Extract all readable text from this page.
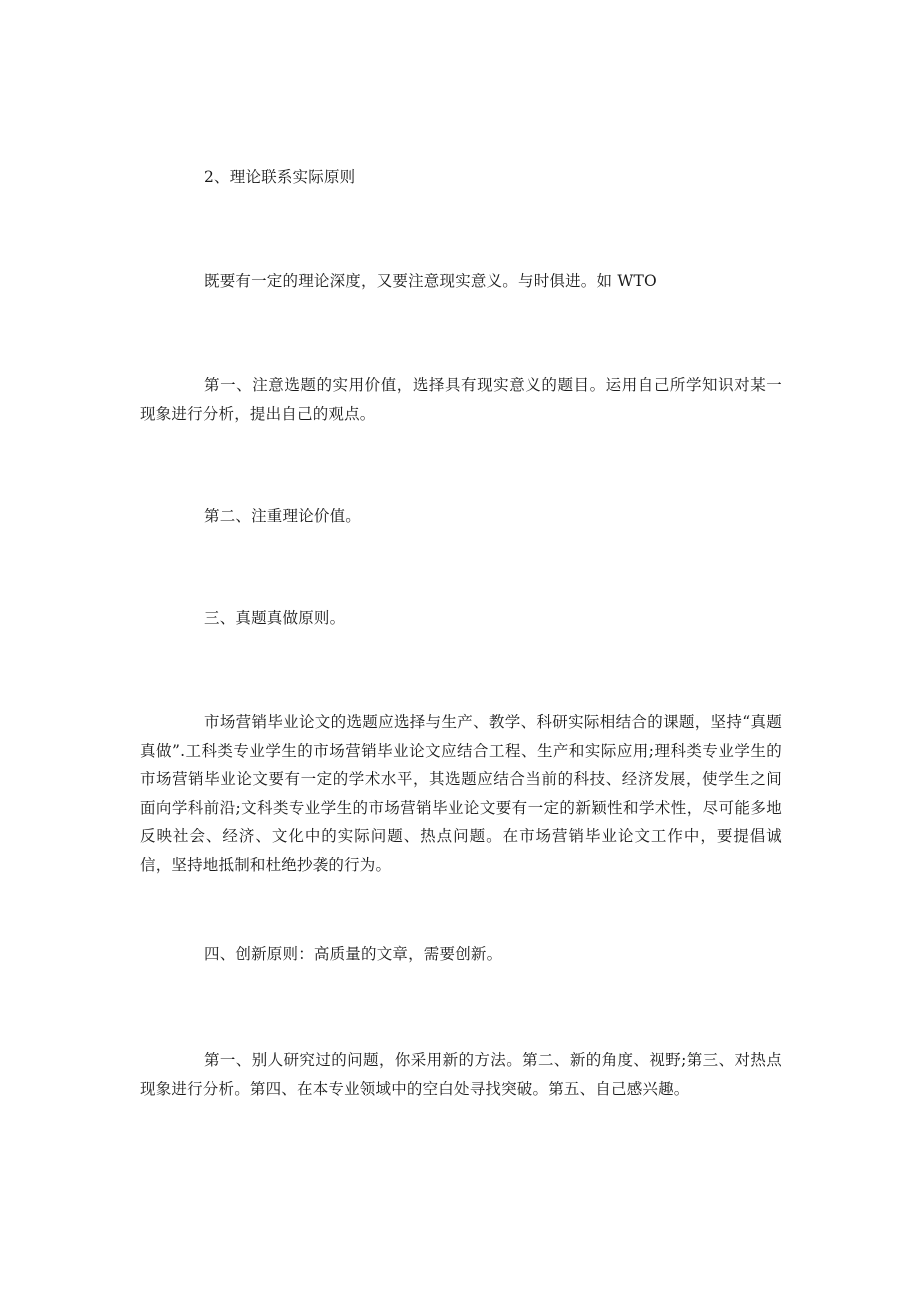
2、理论联系实际原则

既要有一定的理论深度，又要注意现实意义。与时俱进。如 WTO

第一、注意选题的实用价值，选择具有现实意义的题目。运用自己所学知识对某一现象进行分析，提出自己的观点。

第二、注重理论价值。

三、真题真做原则。

市场营销毕业论文的选题应选择与生产、教学、科研实际相结合的课题，坚持“真题真做”.工科类专业学生的市场营销毕业论文应结合工程、生产和实际应用;理科类专业学生的市场营销毕业论文要有一定的学术水平，其选题应结合当前的科技、经济发展，使学生之间面向学科前沿;文科类专业学生的市场营销毕业论文要有一定的新颖性和学术性，尽可能多地反映社会、经济、文化中的实际问题、热点问题。在市场营销毕业论文工作中，要提倡诚信，坚持地抵制和杜绝抄袭的行为。

四、创新原则：高质量的文章，需要创新。

第一、别人研究过的问题，你采用新的方法。第二、新的角度、视野;第三、对热点现象进行分析。第四、在本专业领域中的空白处寻找突破。第五、自己感兴趣。
